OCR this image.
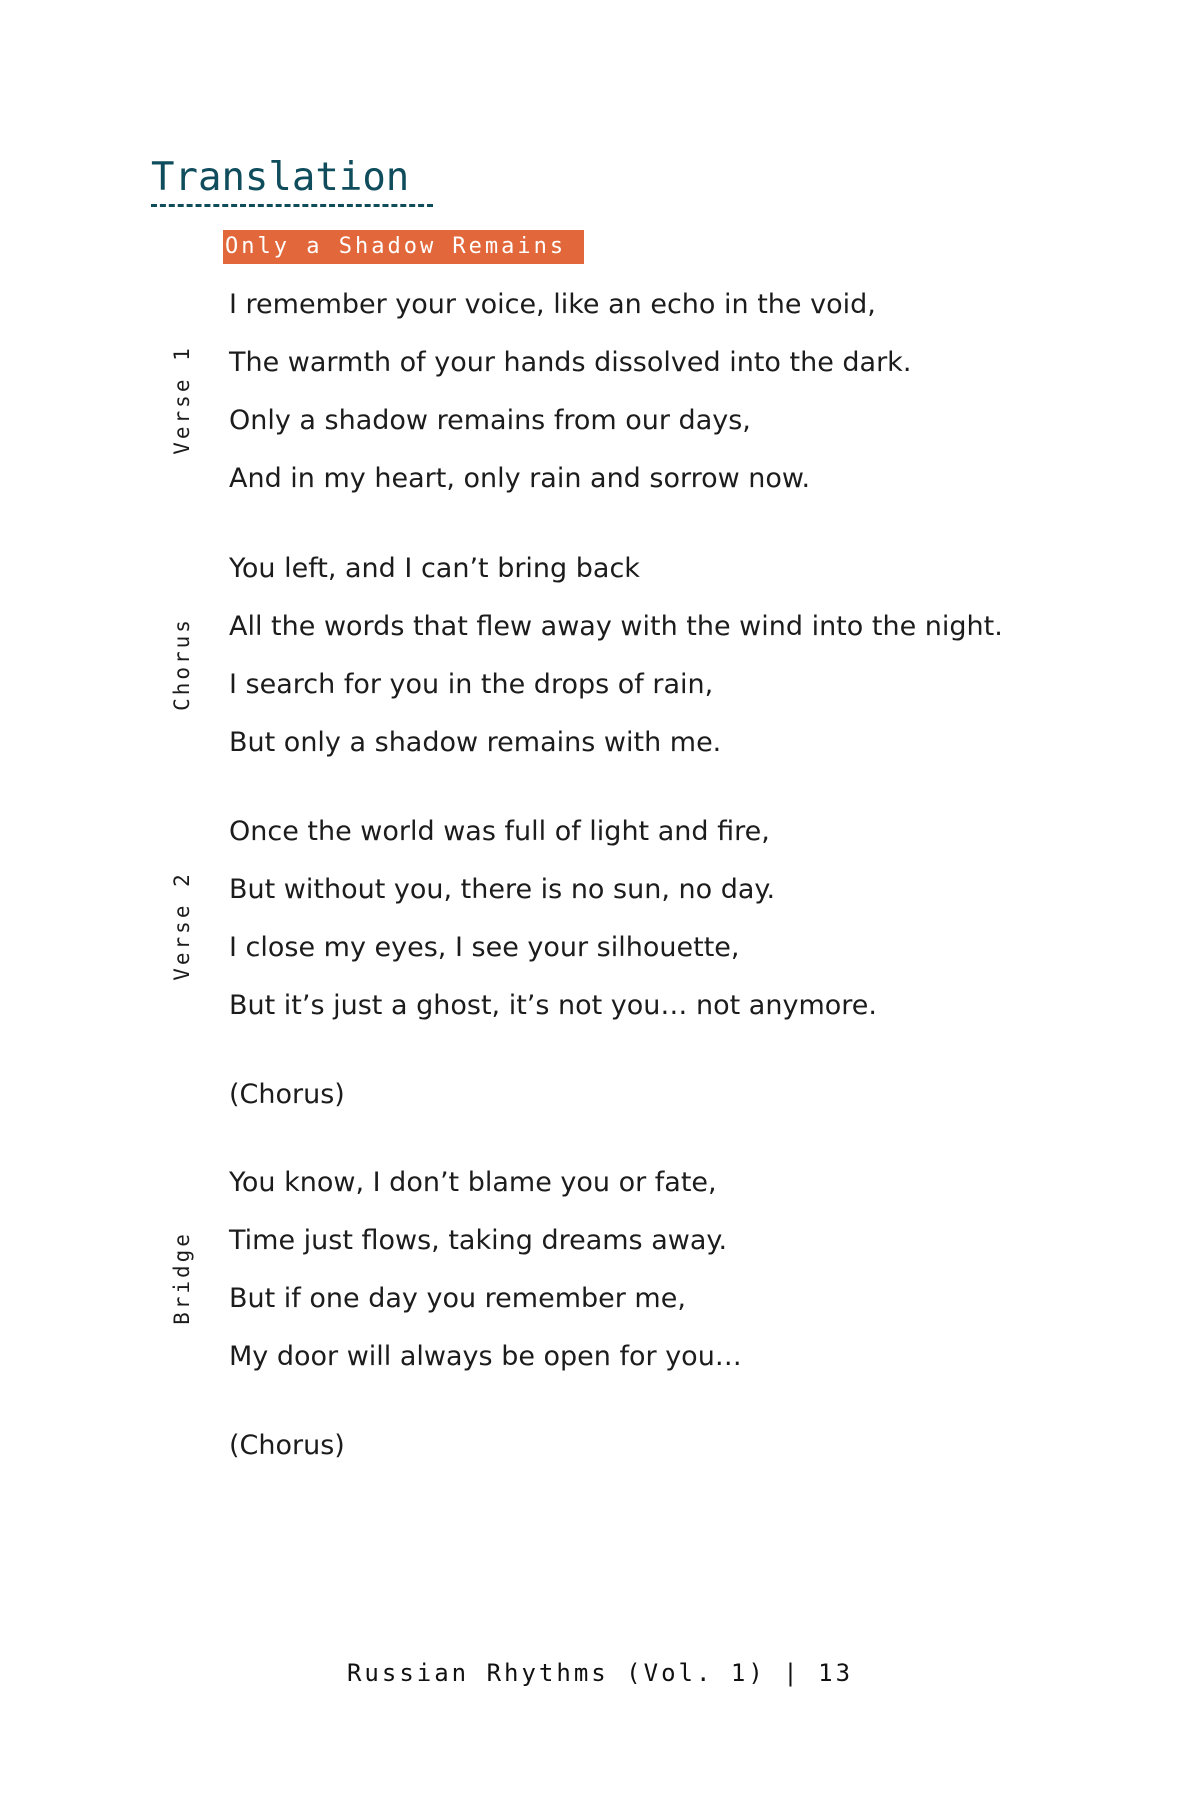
Translation
Only a Shadow Remains
Verse 1
I remember your voice, like an echo in the void,
The warmth of your hands dissolved into the dark.
Only a shadow remains from our days,
And in my heart, only rain and sorrow now.
Chorus
You left, and I can’t bring back
All the words that flew away with the wind into the night.
I search for you in the drops of rain,
But only a shadow remains with me.
Verse 2
Once the world was full of light and fire,
But without you, there is no sun, no day.
I close my eyes, I see your silhouette,
But it’s just a ghost, it’s not you… not anymore.
(Chorus)
Bridge
You know, I don’t blame you or fate,
Time just flows, taking dreams away.
But if one day you remember me,
My door will always be open for you…
(Chorus)
Russian Rhythms (Vol. 1) | 13
